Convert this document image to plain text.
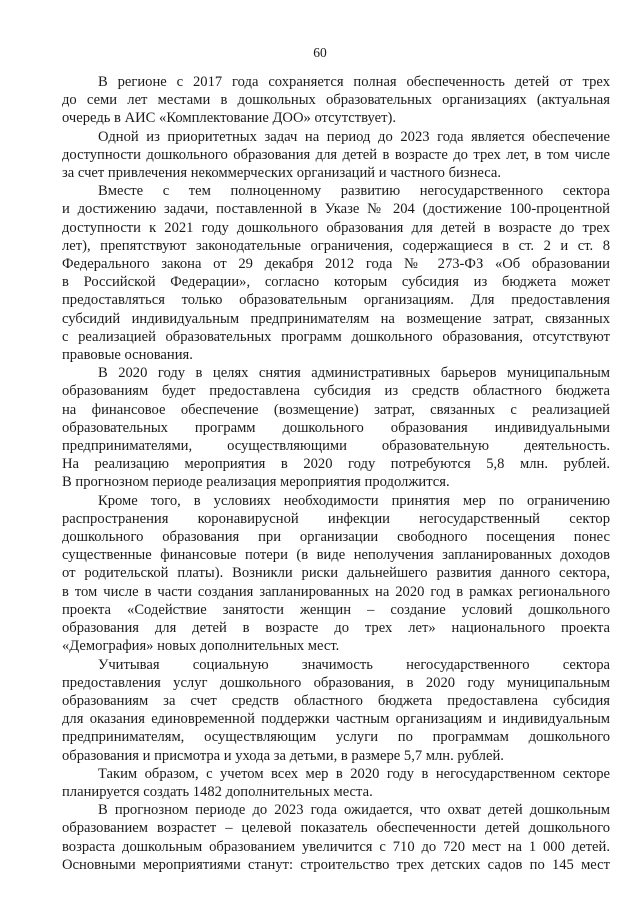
60

В регионе с 2017 года сохраняется полная обеспеченность детей от трех
до семи лет местами в дошкольных образовательных организациях (актуальная
очередь в АИС «Комплектование ДОО» отсутствует).

Одной из приоритетных задач на период до 2023 года является обеспечение
доступности дошкольного образования для детей в возрасте до трех лет, в том числе
за счет привлечения некоммерческих организаций и частного бизнеса.

Вместе с тем полноценному развитию негосударственного сектора
и достижению задачи, поставленной в Указе № 204 (достижение 100-процентной
доступности к 2021 году дошкольного образования для детей в возрасте до трех
лет), препятствуют законодательные ограничения, содержащиеся в ст. 2 и ст. 8
Федерального закона от 29 декабря 2012 года № 273-ФЗ «Об образовании
в Российской Федерации», согласно которым субсидия из бюджета может
предоставляться только образовательным организациям. Для предоставления
субсидий индивидуальным предпринимателям на возмещение затрат, связанных
с реализацией образовательных программ дошкольного образования, отсутствуют
правовые основания.

В 2020 году в целях снятия административных барьеров муниципальным
образованиям будет предоставлена субсидия из средств областного бюджета
на финансовое обеспечение (возмещение) затрат, связанных с реализацией
образовательных программ дошкольного образования индивидуальными
предпринимателями, осуществляющими образовательную деятельность.
На реализацию мероприятия в 2020 году потребуются 5,8 млн. рублей.
В прогнозном периоде реализация мероприятия продолжится.

Кроме того, в условиях необходимости принятия мер по ограничению
распространения коронавирусной инфекции негосударственный сектор
дошкольного образования при организации свободного посещения понес
существенные финансовые потери (в виде неполучения запланированных доходов
от родительской платы). Возникли риски дальнейшего развития данного сектора,
в том числе в части создания запланированных на 2020 год в рамках регионального
проекта «Содействие занятости женщин – создание условий дошкольного
образования для детей в возрасте до трех лет» национального проекта
«Демография» новых дополнительных мест.

Учитывая социальную значимость негосударственного сектора
предоставления услуг дошкольного образования, в 2020 году муниципальным
образованиям за счет средств областного бюджета предоставлена субсидия
для оказания единовременной поддержки частным организациям и индивидуальным
предпринимателям, осуществляющим услуги по программам дошкольного
образования и присмотра и ухода за детьми, в размере 5,7 млн. рублей.

Таким образом, с учетом всех мер в 2020 году в негосударственном секторе
планируется создать 1482 дополнительных места.

В прогнозном периоде до 2023 года ожидается, что охват детей дошкольным
образованием возрастет – целевой показатель обеспеченности детей дошкольного
возраста дошкольным образованием увеличится с 710 до 720 мест на 1 000 детей.
Основными мероприятиями станут: строительство трех детских садов по 145 мест
